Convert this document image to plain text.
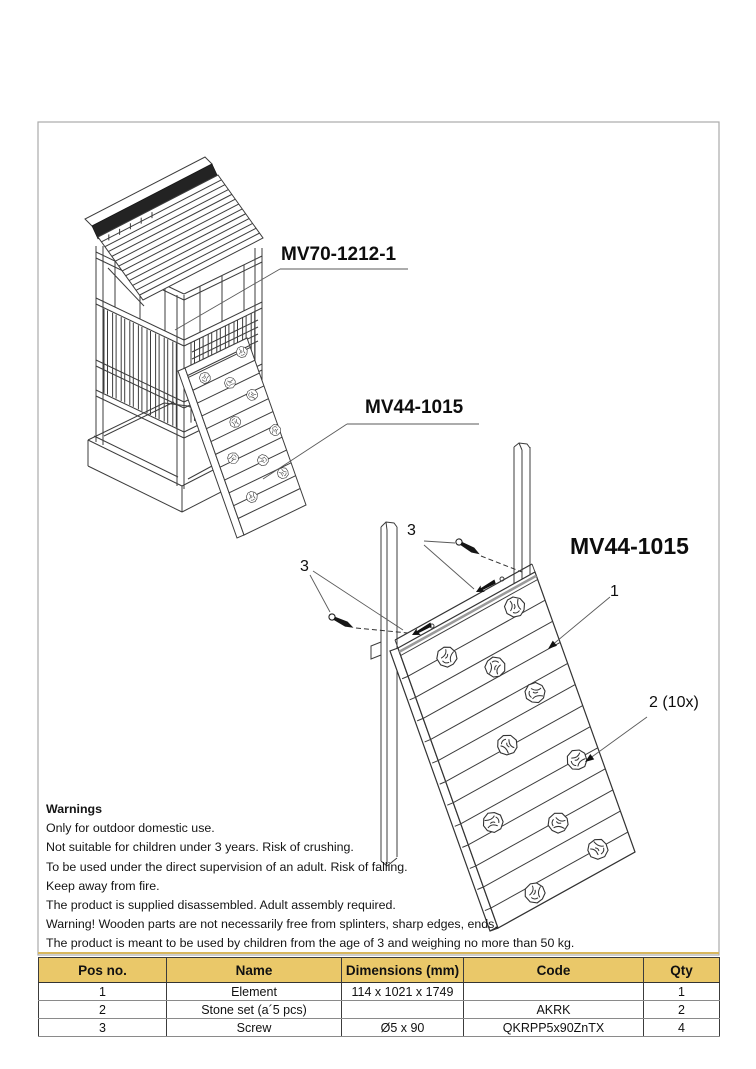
MV70-1212-1
MV44-1015
MV44-1015
3
3
1
2 (10x)
Warnings
Only for outdoor domestic use.
Not suitable for children under 3 years. Risk of crushing.
To be used under the direct supervision of an adult. Risk of falling.
Keep away from fire.
The product is supplied disassembled. Adult assembly required.
Warning! Wooden parts are not necessarily free from splinters, sharp edges, ends.
The product is meant to be used by children from the age of 3 and weighing no more than 50 kg.
Pos no.	Name	Dimensions (mm)	Code	Qty
1	Element	114 x 1021 x 1749		1
2	Stone set (a´5 pcs)		AKRK	2
3	Screw	Ø5 x 90	QKRPP5x90ZnTX	4
